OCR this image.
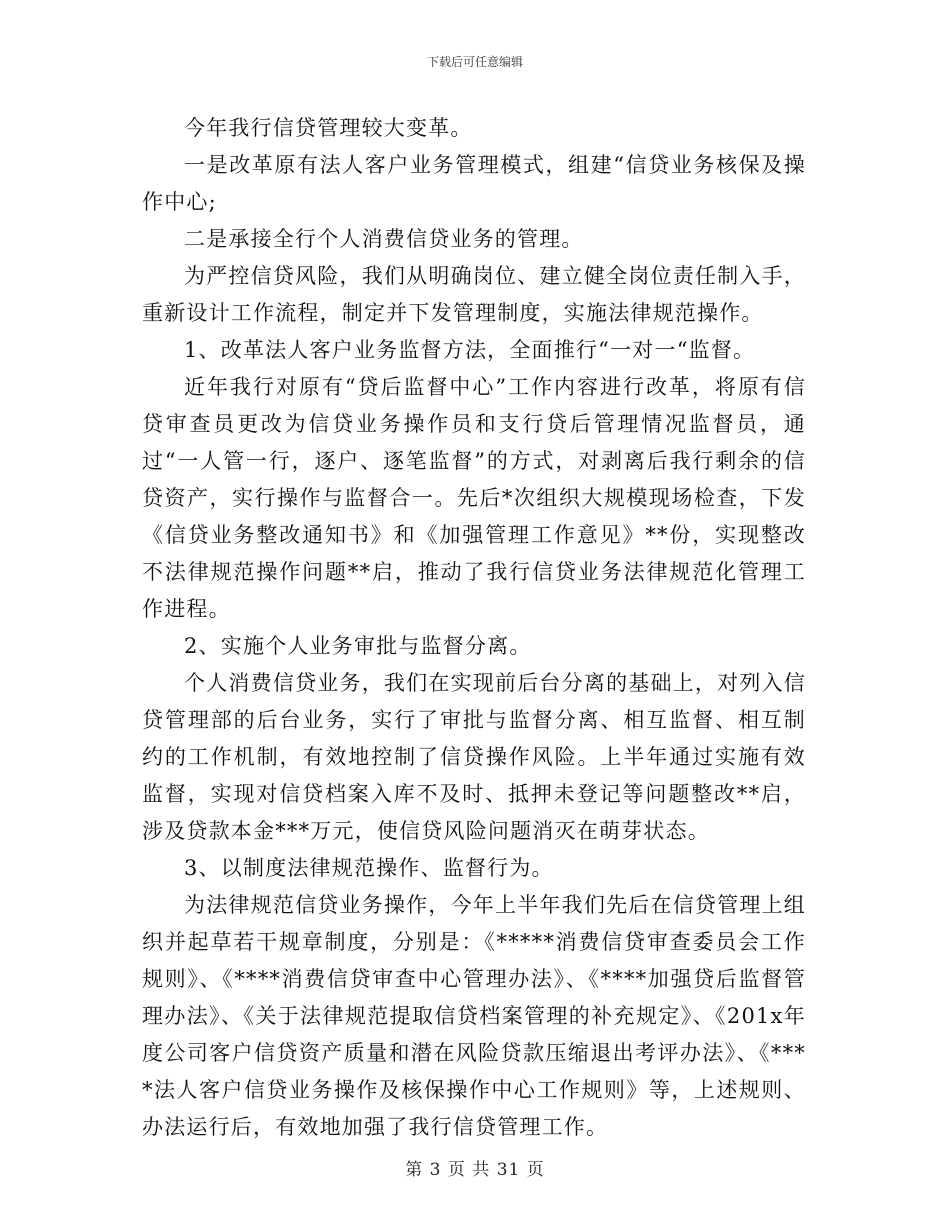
下载后可任意编辑

今年我行信贷管理较大变革。

一是改革原有法人客户业务管理模式，组建“信贷业务核保及操作中心;

二是承接全行个人消费信贷业务的管理。

为严控信贷风险，我们从明确岗位、建立健全岗位责任制入手，重新设计工作流程，制定并下发管理制度，实施法律规范操作。

1、改革法人客户业务监督方法，全面推行“一对一“监督。

近年我行对原有“贷后监督中心”工作内容进行改革，将原有信贷审查员更改为信贷业务操作员和支行贷后管理情况监督员，通过“一人管一行，逐户、逐笔监督”的方式，对剥离后我行剩余的信贷资产，实行操作与监督合一。先后*次组织大规模现场检查，下发《信贷业务整改通知书》和《加强管理工作意见》**份，实现整改不法律规范操作问题**启，推动了我行信贷业务法律规范化管理工作进程。

2、实施个人业务审批与监督分离。

个人消费信贷业务，我们在实现前后台分离的基础上，对列入信贷管理部的后台业务，实行了审批与监督分离、相互监督、相互制约的工作机制，有效地控制了信贷操作风险。上半年通过实施有效监督，实现对信贷档案入库不及时、抵押未登记等问题整改**启，涉及贷款本金***万元，使信贷风险问题消灭在萌芽状态。

3、以制度法律规范操作、监督行为。

为法律规范信贷业务操作，今年上半年我们先后在信贷管理上组织并起草若干规章制度，分别是：《*****消费信贷审查委员会工作规则》、《****消费信贷审查中心管理办法》、《****加强贷后监督管理办法》、《关于法律规范提取信贷档案管理的补充规定》、《201x年度公司客户信贷资产质量和潜在风险贷款压缩退出考评办法》、《****法人客户信贷业务操作及核保操作中心工作规则》等，上述规则、办法运行后，有效地加强了我行信贷管理工作。

第 3 页 共 31 页
